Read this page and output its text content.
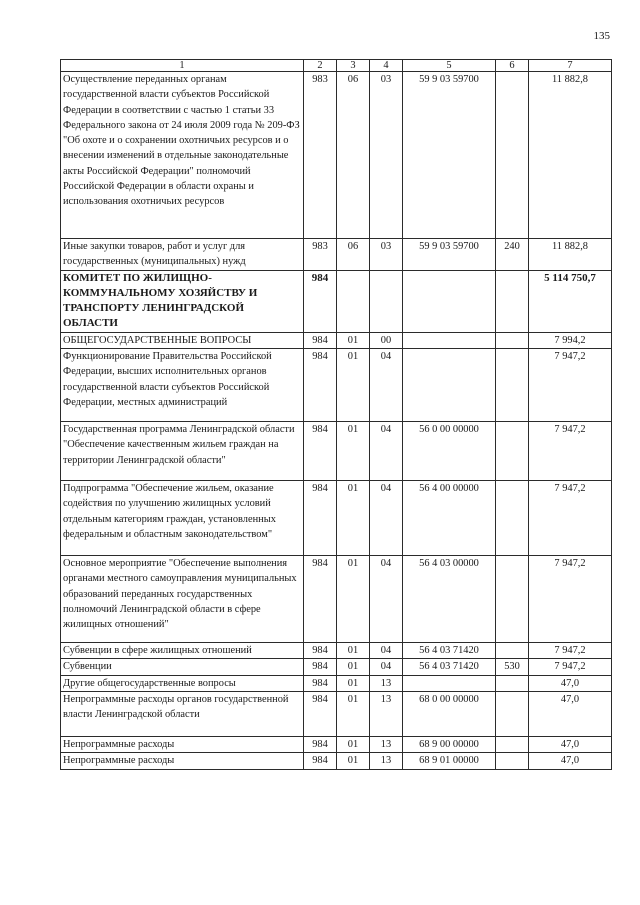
135
1	2	3	4	5	6	7
Осуществление переданных органам государственной власти субъектов Российской Федерации в соответствии с частью 1 статьи 33 Федерального закона от 24 июля 2009 года № 209-ФЗ "Об охоте и о сохранении охотничьих ресурсов и о внесении изменений в отдельные законодательные акты Российской Федерации" полномочий Российской Федерации в области охраны и использования охотничьих ресурсов	983	06	03	59 9 03 59700		11 882,8
Иные закупки товаров, работ и услуг для государственных (муниципальных) нужд	983	06	03	59 9 03 59700	240	11 882,8
КОМИТЕТ ПО ЖИЛИЩНО-КОММУНАЛЬНОМУ ХОЗЯЙСТВУ И ТРАНСПОРТУ ЛЕНИНГРАДСКОЙ ОБЛАСТИ	984					5 114 750,7
ОБЩЕГОСУДАРСТВЕННЫЕ ВОПРОСЫ	984	01	00			7 994,2
Функционирование Правительства Российской Федерации, высших исполнительных органов государственной власти субъектов Российской Федерации, местных администраций	984	01	04			7 947,2
Государственная программа Ленинградской области "Обеспечение качественным жильем граждан на территории Ленинградской области"	984	01	04	56 0 00 00000		7 947,2
Подпрограмма "Обеспечение жильем, оказание содействия по улучшению жилищных условий отдельным категориям граждан, установленных федеральным и областным законодательством"	984	01	04	56 4 00 00000		7 947,2
Основное мероприятие "Обеспечение выполнения органами местного самоуправления муниципальных образований переданных государственных полномочий Ленинградской области в сфере жилищных отношений"	984	01	04	56 4 03 00000		7 947,2
Субвенции в сфере жилищных отношений	984	01	04	56 4 03 71420		7 947,2
Субвенции	984	01	04	56 4 03 71420	530	7 947,2
Другие общегосударственные вопросы	984	01	13			47,0
Непрограммные расходы органов государственной власти Ленинградской области	984	01	13	68 0 00 00000		47,0
Непрограммные расходы	984	01	13	68 9 00 00000		47,0
Непрограммные расходы	984	01	13	68 9 01 00000		47,0
